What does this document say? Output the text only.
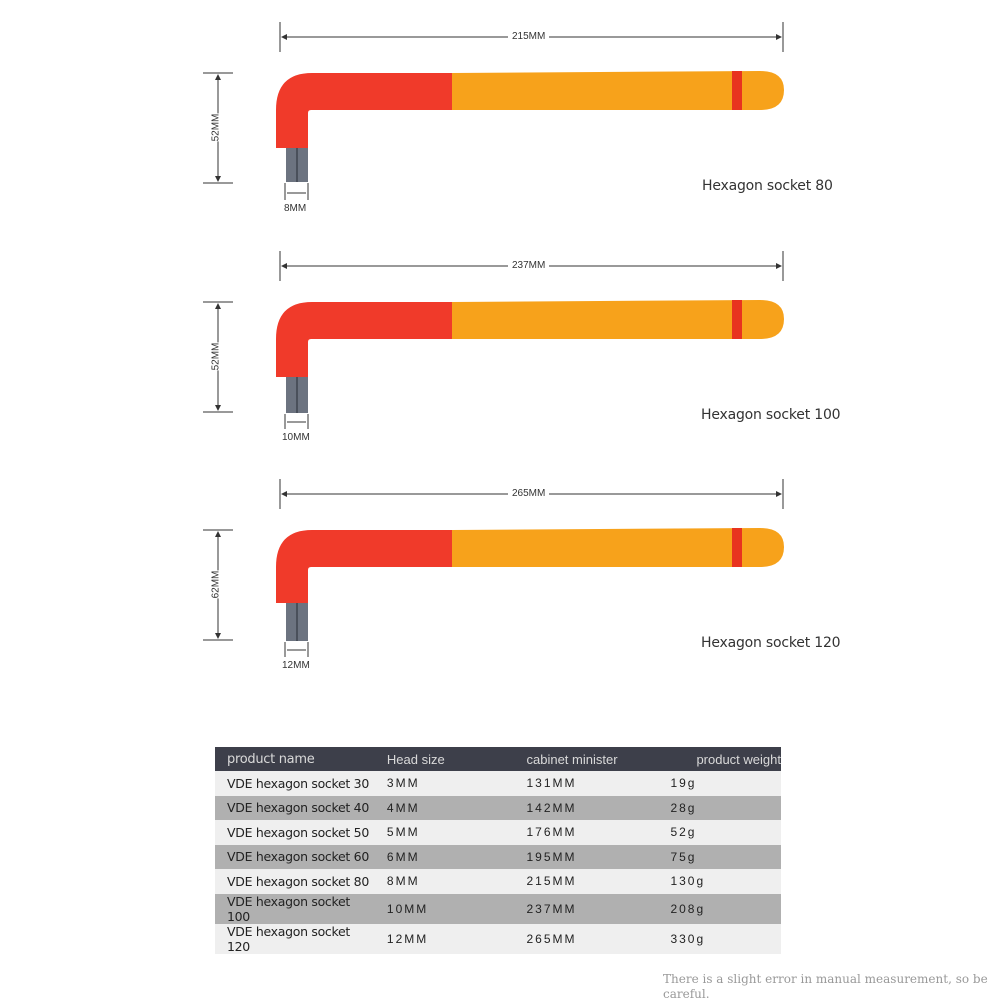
215MM
52MM
8MM
Hexagon socket 80
237MM
52MM
10MM
Hexagon socket 100
265MM
62MM
12MM
Hexagon socket 120
product name	Head size	cabinet minister	product weight
VDE hexagon socket 30	3MM	131MM	19g
VDE hexagon socket 40	4MM	142MM	28g
VDE hexagon socket 50	5MM	176MM	52g
VDE hexagon socket 60	6MM	195MM	75g
VDE hexagon socket 80	8MM	215MM	130g
VDE hexagon socket 100	10MM	237MM	208g
VDE hexagon socket 120	12MM	265MM	330g
There is a slight error in manual measurement, so be careful.
